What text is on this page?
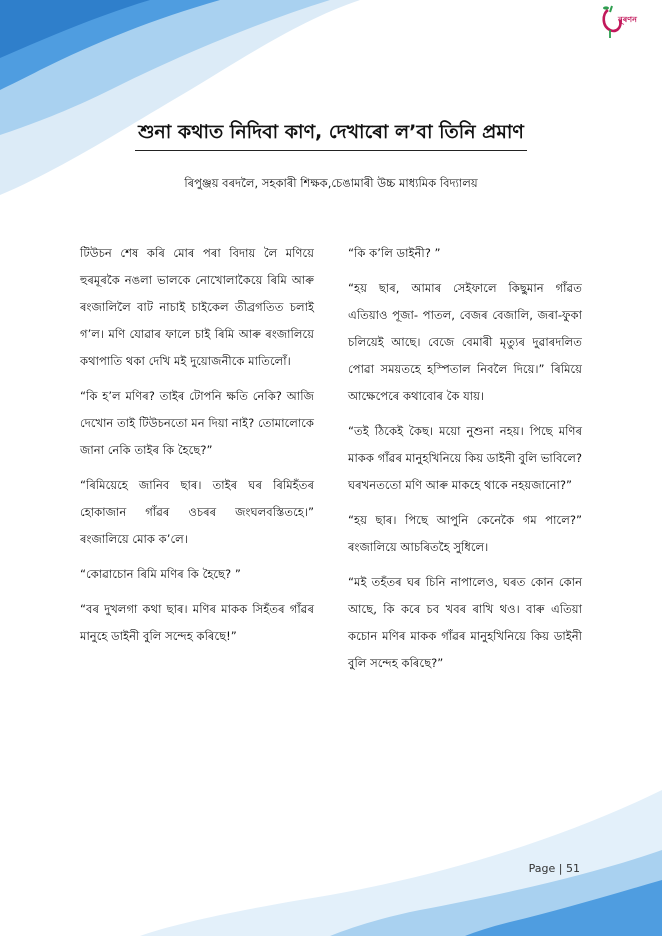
নূৰণন
শুনা কথাত নিদিবা কাণ, দেখাৰো ল’বা তিনি প্ৰমাণ
ৰিপুঞ্জয় বৰদলৈ, সহকাৰী শিক্ষক,চেঙামাৰী উচ্চ মাধ্যমিক বিদ্যালয়

টিউচন শেষ কৰি মোৰ পৰা বিদায় লৈ মণিয়ে হুৰমূৰকৈ নঙলা ভালকে নোখোলাকৈয়ে ৰিমি আৰু ৰংজালিলৈ বাট নাচাই চাইকেল তীব্ৰগতিত চলাই গ’ল। মণি যোৱাৰ ফালে চাই ৰিমি আৰু ৰংজালিয়ে কথাপাতি থকা দেখি মই দুয়োজনীকে মাতিলোঁ।

“কি হ’ল মণিৰ? তাইৰ টোপনি ক্ষতি নেকি? আজি দেখোন তাই টিউচনতো মন দিয়া নাই? তোমালোকে জানা নেকি তাইৰ কি হৈছে?”

“ৰিমিয়েহে জানিব ছাৰ। তাইৰ ঘৰ ৰিমিহঁতৰ হোকাজান গাঁৱৰ ওচৰৰ জংঘলবস্তিতহে।” ৰংজালিয়ে মোক ক’লে।

“কোৱাচোন ৰিমি মণিৰ কি হৈছে? ”

“বৰ দুখলগা কথা ছাৰ। মণিৰ মাকক সিহঁতৰ গাঁৱৰ মানুহে ডাইনী বুলি সন্দেহ কৰিছে!”

“কি ক’লি ডাইনী? ”

“হয় ছাৰ, আমাৰ সেইফালে কিছুমান গাঁৱত এতিয়াও পূজা- পাতল, বেজৰ বেজালি, জৰা-ফুকা চলিয়েই আছে। বেজে বেমাৰী মৃত্যুৰ দুৱাৰদলিত পোৱা সময়তহে হস্পিতাল নিবলৈ দিয়ে।” ৰিমিয়ে আক্ষেপেৰে কথাবোৰ কৈ যায়।

“তই ঠিকেই কৈছ। ময়ো নুশুনা নহয়। পিছে মণিৰ মাকক গাঁৱৰ মানুহখিনিয়ে কিয় ডাইনী বুলি ভাবিলে? ঘৰখনততো মণি আৰু মাকহে থাকে নহয়জানো?”

“হয় ছাৰ। পিছে আপুনি কেনেকৈ গম পালে?” ৰংজালিয়ে আচৰিতহৈ সুধিলে।

“মই তহঁতৰ ঘৰ চিনি নাপালেও, ঘৰত কোন কোন আছে, কি কৰে চব খবৰ ৰাখি থও। বাৰু এতিয়া কচোন মণিৰ মাকক গাঁৱৰ মানুহখিনিয়ে কিয় ডাইনী বুলি সন্দেহ কৰিছে?”

Page | 51
